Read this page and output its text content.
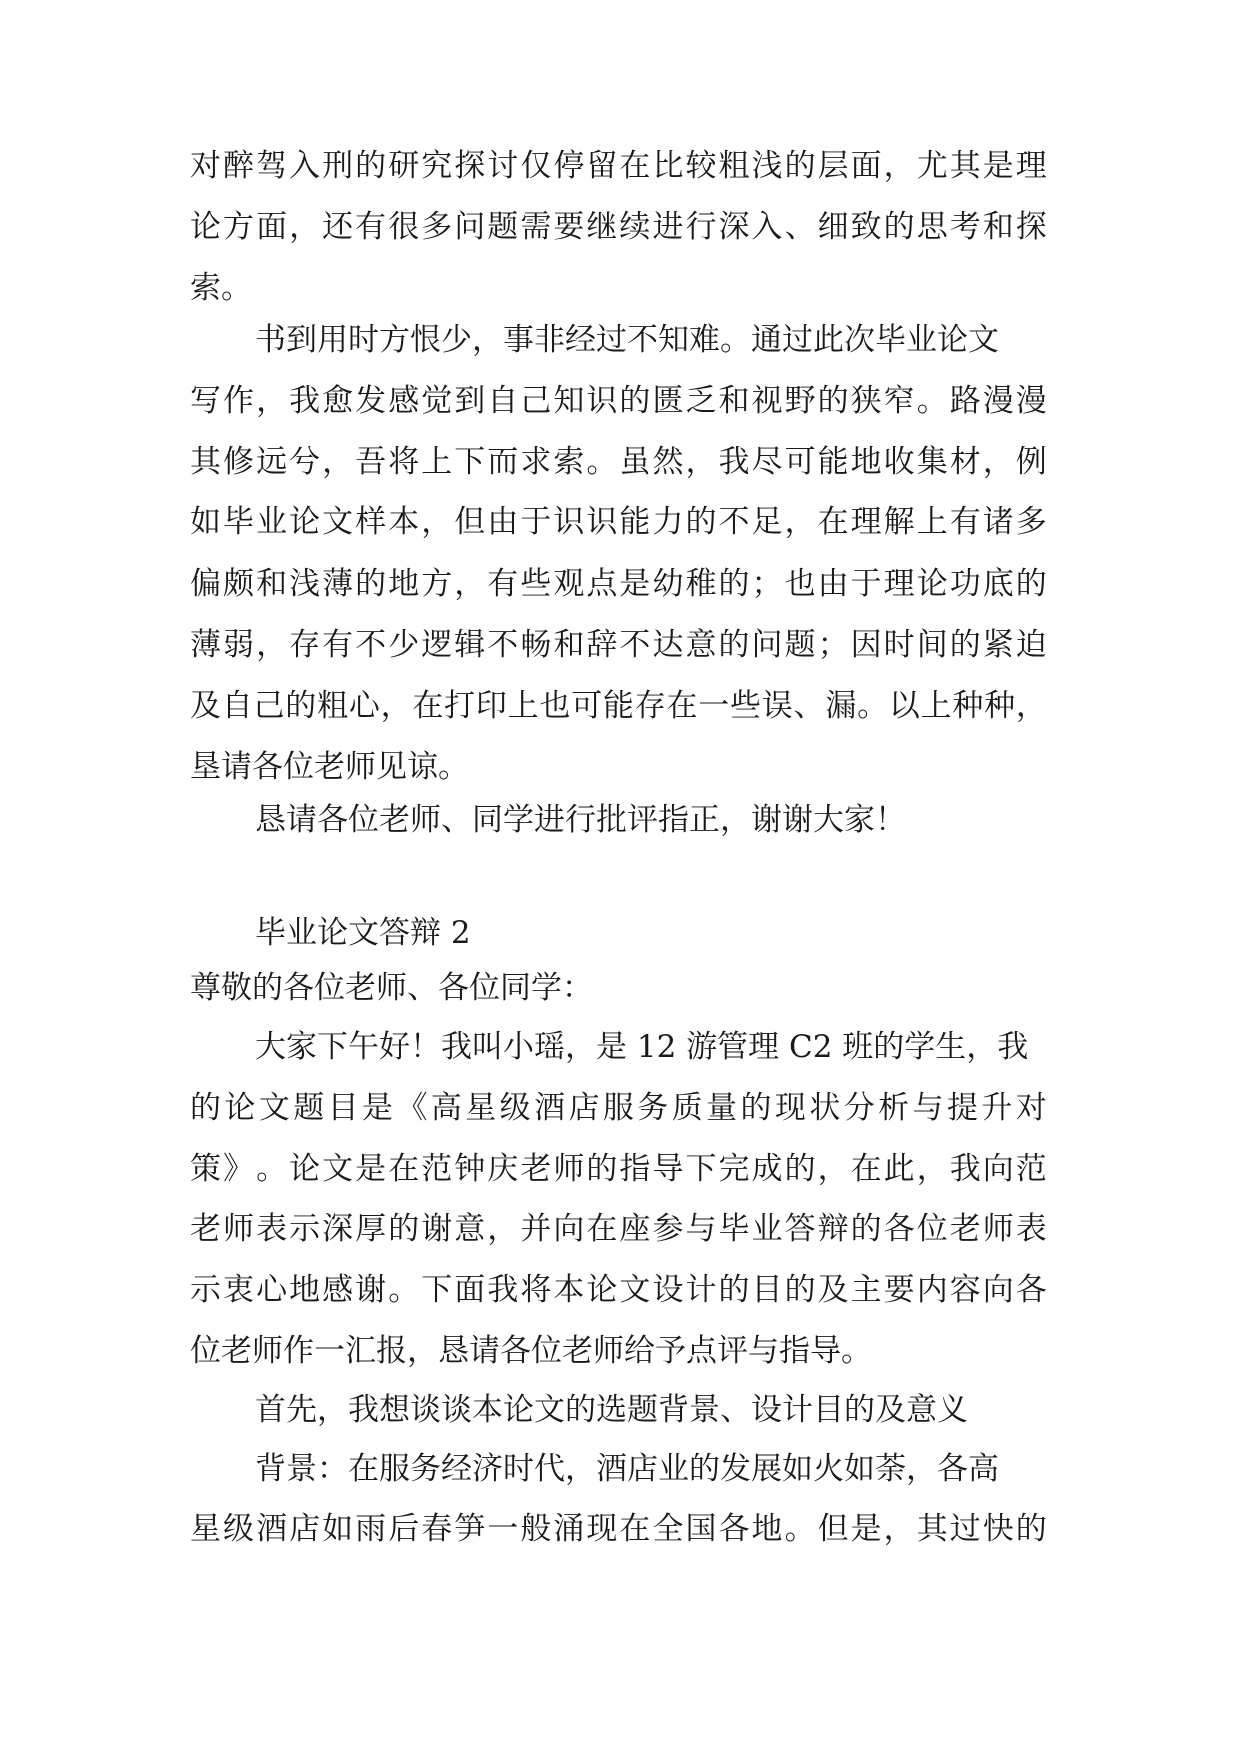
对 醉 驾 入 刑 的 研 究 探 讨 仅 停 留 在 比 较 粗 浅 的 层 面 ， 尤 其 是 理
论 方 面 ， 还 有 很 多 问 题 需 要 继 续 进 行 深 入 、 细 致 的 思 考 和 探
索。
书到用时方恨少，事非经过不知难。通过此次毕业论文
写 作 ， 我 愈 发 感 觉 到 自 己 知 识 的 匮 乏 和 视 野 的 狭 窄 。 路 漫 漫
其 修 远 兮 ， 吾 将 上 下 而 求 索 。 虽 然 ， 我 尽 可 能 地 收 集 材 ， 例
如 毕 业 论 文 样 本 ， 但 由 于 识 识 能 力 的 不 足 ， 在 理 解 上 有 诸 多
偏 颇 和 浅 薄 的 地 方 ， 有 些 观 点 是 幼 稚 的 ； 也 由 于 理 论 功 底 的
薄 弱 ， 存 有 不 少 逻 辑 不 畅 和 辞 不 达 意 的 问 题 ； 因 时 间 的 紧 迫
及 自 己 的 粗 心 ， 在 打 印 上 也 可 能 存 在 一 些 误 、 漏 。 以 上 种 种 ，
垦请各位老师见谅。
恳请各位老师、同学进行批评指正，谢谢大家！
毕业论文答辩 2
尊敬的各位老师、各位同学：
大家下午好！我叫小瑶，是 12 游管理 C2 班的学生，我
的 论 文 题 目 是 《 高 星 级 酒 店 服 务 质 量 的 现 状 分 析 与 提 升 对
策 》 。 论 文 是 在 范 钟 庆 老 师 的 指 导 下 完 成 的 ， 在 此 ， 我 向 范
老 师 表 示 深 厚 的 谢 意 ， 并 向 在 座 参 与 毕 业 答 辩 的 各 位 老 师 表
示 衷 心 地 感 谢 。 下 面 我 将 本 论 文 设 计 的 目 的 及 主 要 内 容 向 各
位老师作一汇报，恳请各位老师给予点评与指导。
首先，我想谈谈本论文的选题背景、设计目的及意义
背景：在服务经济时代，酒店业的发展如火如荼，各高
星 级 酒 店 如 雨 后 春 笋 一 般 涌 现 在 全 国 各 地 。 但 是 ， 其 过 快 的
